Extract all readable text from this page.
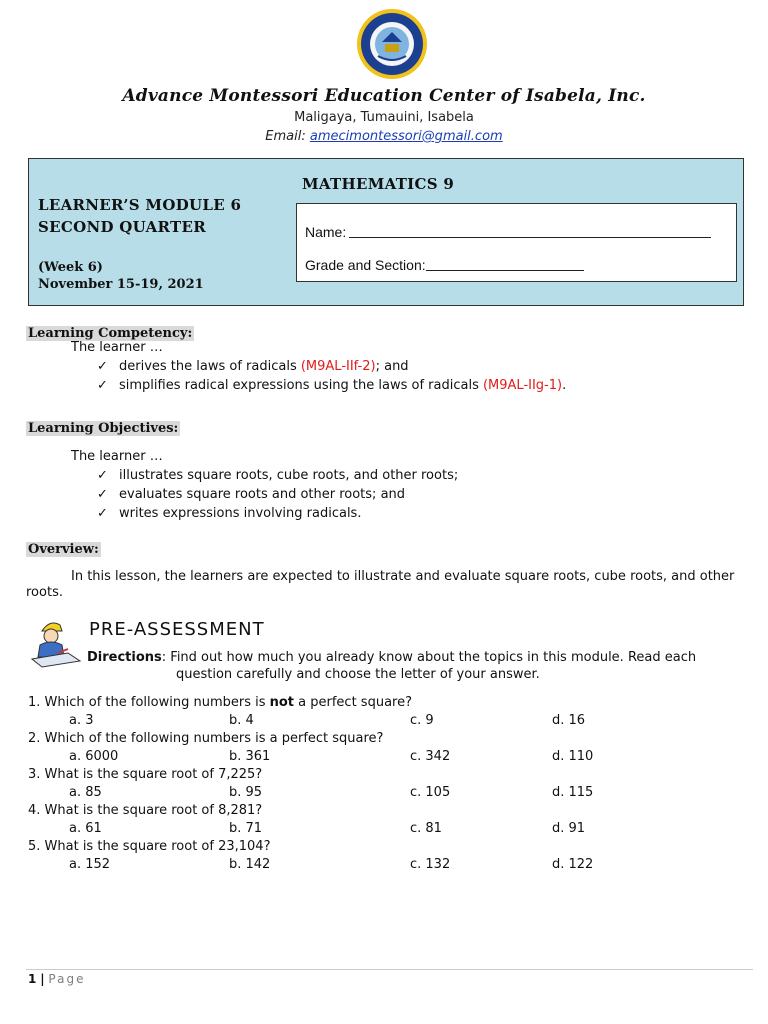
Advance Montessori Education Center of Isabela, Inc.
Maligaya, Tumauini, Isabela
Email: amecimontessori@gmail.com
LEARNER’S MODULE 6
SECOND QUARTER
(Week 6)
November 15-19, 2021
MATHEMATICS 9
Name:
Grade and Section:
Learning Competency:
The learner …
✓ derives the laws of radicals (M9AL-IIf-2); and
✓ simplifies radical expressions using the laws of radicals (M9AL-IIg-1).
Learning Objectives:
The learner …
✓ illustrates square roots, cube roots, and other roots;
✓ evaluates square roots and other roots; and
✓ writes expressions involving radicals.
Overview:
In this lesson, the learners are expected to illustrate and evaluate square roots, cube roots, and other
roots.
PRE-ASSESSMENT
Directions: Find out how much you already know about the topics in this module. Read each
question carefully and choose the letter of your answer.
1. Which of the following numbers is not a perfect square?
a. 3	b. 4	c. 9	d. 16
2. Which of the following numbers is a perfect square?
a. 6000	b. 361	c. 342	d. 110
3. What is the square root of 7,225?
a. 85	b. 95	c. 105	d. 115
4. What is the square root of 8,281?
a. 61	b. 71	c. 81	d. 91
5. What is the square root of 23,104?
a. 152	b. 142	c. 132	d. 122
1 | Page
